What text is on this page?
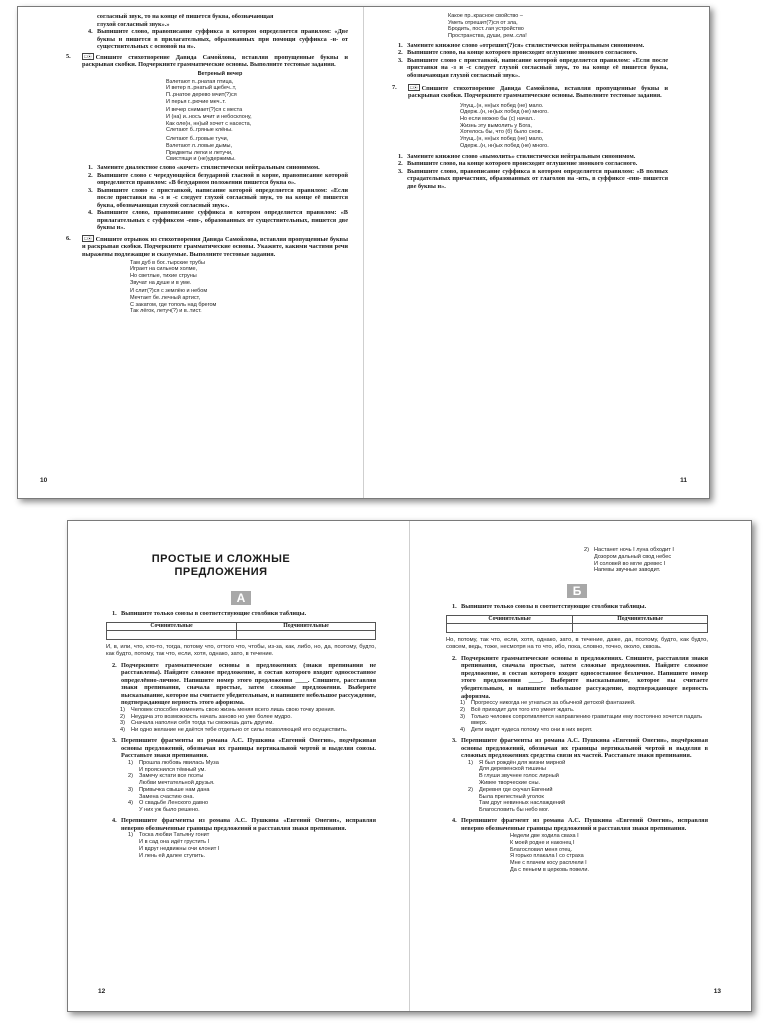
согласный звук, то на конце её пишется буква, обозначающая
глухой согласный звук».»

4. Выпишите слово, правописание суффикса в котором определяется правилом: «Две буквы н пишется в прилагательных, образованных при помощи суффикса -н- от существительных с основой на н».

5.	☐⦿ Спишите стихотворение Давида Самойлова, вставляя пропущенные буквы и раскрывая скобки. Подчеркните грамматические основы. Выполните тестовые задания.
Ветреный вечер
Взлетают п..рнатая птица,
И ветер п..рнатый щебеч..т,
П..рнатое дерево мчит(?)ся
И перья г..рючие меч..т.
И вечер снимает(?)ся с места
И (на) и..носъ мчит и небосклону,
Как оле(н, нн)ый хочет с насеста,
Слетают б..гряные клёны.
Слетают б..гровые тучи,
Взлетают л..повые дымы,
Предметы легки и летучи,
Свистящи и (не)удержимы.

1. Замените диалектное слово «кочет» стилистически нейтральным синонимом.

2. Выпишите слово с чередующейся безударной гласной в корне, правописание которой определяется правилом: «В безударном положении пишется буква о».

3. Выпишите слово с приставкой, написание которой определяется правилом: «Если после приставки на -з и -с следует глухой согласный звук, то на конце её пишется буква, обозначающая глухой согласный звук».

4. Выпишите слово, правописание суффикса в котором определяется правилом: «В прилагательных с суффиксом -енн-, образованных от существительных, пишется две буквы н».

6.	☐⦿ Спишите отрывок из стихотворения Давида Самойлова, вставляя пропущенные буквы и раскрывая скобки. Подчеркните грамматические основы. Укажите, какими частями речи выражены подлежащие и сказуемые. Выполните тестовые задания.
Там дуб в бог..тырские трубы
Играет на сильном холме,
Но светлые, тихие струны
Звучат на душе и в уме.
И слит(?)ся с землёю и небом
Мечтает бе..печный артист,
С закатом, где тополь над брегом
Так лёгок, летуч(?) и в..тист.
10
Какое пр..красное свойство –
Уметь отрешит(?)ся от зла,
Бродить, пост..гая устройство
Пространства, души, рем..сла!

1. Замените книжное слово «отрешит(?)ся» стилистически нейтральным синонимом.

2. Выпишите слово, на конце которого происходит оглушение звонкого согласного.

3. Выпишите слово с приставкой, написание которой определяется правилом: «Если после приставки на -з и -с следует глухой согласный звук, то на конце её пишется буква, обозначающая глухой согласный звук».

7.	☐⦿ Спишите стихотворение Давида Самойлова, вставляя пропущенные буквы и раскрывая скобки. Подчеркните грамматические основы. Выполните тестовые задания.
Упущ..(н, нн)ых побед (не) мало.
Одерж..(н, нн)ых побед (не) много.
Но если можно бы (с) начал..
Жизнь эту вымолить у Бога,
Хотелось бы, что (б) было снов..
Упущ..(н, нн)ых побед (не) мало,
Одерж..(н, нн)ых побед (не) много.

1. Замените книжное слово «вымолить» стилистически нейтральным синонимом.

2. Выпишите слово, на конце которого происходит оглушение звонкого согласного.

3. Выпишите слово, правописание суффикса в котором определяется правилом: «В полных страдательных причастиях, образованных от глаголов на -ить, в суффиксе -енн- пишется две буквы н».

11
ПРОСТЫЕ И СЛОЖНЫЕ
ПРЕДЛОЖЕНИЯ
А

1. Выпишите только союзы в соответствующие столбики таблицы.

Сочинительные	Подчинительные

И, в, или, что, кто-то, тогда, потому что, оттого что, чтобы, из-за, как, либо, но, да, поэтому, будто, как будто, потому, так что, если, хотя, однако, зато, в течение.

2. Подчеркните грамматические основы в предложениях (знаки препинания не расставлены). Найдите сложное предложение, в состав которого входит односоставное определённо-личное. Напишите номер этого предложения ____. Спишите, расставляя знаки препинания, сначала простые, затем сложные предложения. Выберите высказывание, которое вы считаете убедительным, и напишите небольшое рассуждение, подтверждающее верность этого афоризма.

1) Человек способен изменить свою жизнь меняя всего лишь свою точку зрения.
2) Неудача это возможность начать заново но уже более мудро.
3) Сначала наполни себя тогда ты сможешь дать другим.
4) Ни одно желание не даётся тебе отдельно от силы позволяющей его осуществить.

3. Перепишите фрагменты из романа А.С. Пушкина «Евгений Онегин», подчёркивая основы предложений, обозначая их границы вертикальной чертой и выделяя союзы. Расставьте знаки препинания.

1) Прошла любовь явилась Муза
И прояснился тёмный ум.
2) Замечу кстати все поэты
Любви мечтательной друзья.
3) Привычка свыше нам дана
Замена счастию она.
4) О свадьбе Ленского давно
У них уж было решено.

4. Перепишите фрагменты из романа А.С. Пушкина «Евгений Онегин», исправляя неверно обозначенные границы предложений и расставляя знаки препинания.

1) Тоска любви Татьяну гонит
И в сад она идёт грустить I
И вдруг недвижны очи клонит I
И лень ей далее ступить.
12
2) Настанет ночь I луна обходит I
Дозором дальный свод небес
И соловей во мгле древес I
Напевы звучные заводит.
Б

1. Выпишите только союзы в соответствующие столбики таблицы.

Сочинительные	Подчинительные

Но, потому, так что, если, хотя, однако, зато, в течение, даже, да, поэтому, будто, как будто, совсем, ведь, тоже, несмотря на то что, ибо, пока, словно, точно, около, сквозь.

2. Подчеркните грамматические основы в предложениях. Спишите, расставляя знаки препинания, сначала простые, затем сложные предложения. Найдите сложное предложение, в состав которого входит односоставное безличное. Напишите номер этого предложения ____. Выберите высказывание, которое вы считаете убедительным, и напишите небольшое рассуждение, подтверждающее верность афоризма.

1) Прогрессу никогда не угнаться за обычной детской фантазией.
2) Всё приходит для того кто умеет ждать.
3) Только человек сопротивляется направлению гравитации ему постоянно хочется падать вверх.
4) Дети видят чудеса потому что они в них верят.

3. Перепишите фрагменты из романа А.С. Пушкина «Евгений Онегин», подчёркивая основы предложений, обозначая их границы вертикальной чертой и выделяя в сложных предложениях средства связи их частей. Расставьте знаки препинания.

1) Я был рождён для жизни мирной
Для деревенской тишины
В глуши звучнее голос лирный
Живее творческие сны.
2) Деревня где скучал Евгений
Была прелестный уголок
Там друг невинных наслаждений
Благословить бы небо мог.

4. Перепишите фрагмент из романа А.С. Пушкина «Евгений Онегин», исправляя неверно обозначенные границы предложений и расставляя знаки препинания.

Недели две ходила сваха I
К моей родне и наконец I
Благословил меня отец.
Я горько плакала I со страха
Мне с плачем косу расплели I
Да с пеньем в церковь повели.
13
